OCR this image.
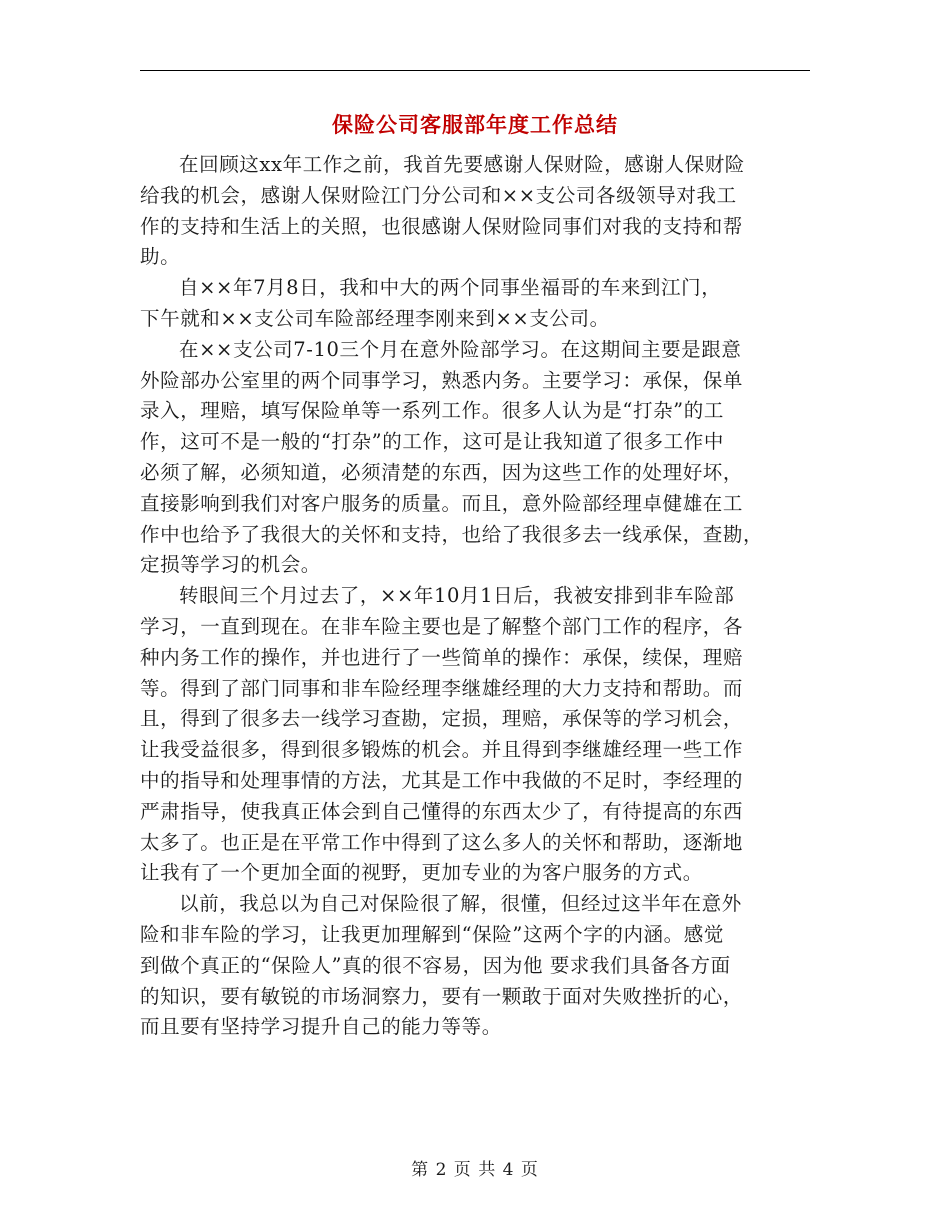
保险公司客服部年度工作总结

在回顾这xx年工作之前，我首先要感谢人保财险，感谢人保财险
给我的机会，感谢人保财险江门分公司和××支公司各级领导对我工
作的支持和生活上的关照，也很感谢人保财险同事们对我的支持和帮
助。

自××年7月8日，我和中大的两个同事坐福哥的车来到江门，
下午就和××支公司车险部经理李刚来到××支公司。

在××支公司7-10三个月在意外险部学习。在这期间主要是跟意
外险部办公室里的两个同事学习，熟悉内务。主要学习：承保，保单
录入，理赔，填写保险单等一系列工作。很多人认为是“打杂”的工
作，这可不是一般的“打杂”的工作，这可是让我知道了很多工作中
必须了解，必须知道，必须清楚的东西，因为这些工作的处理好坏，
直接影响到我们对客户服务的质量。而且，意外险部经理卓健雄在工
作中也给予了我很大的关怀和支持，也给了我很多去一线承保，查勘，
定损等学习的机会。

转眼间三个月过去了，××年10月1日后，我被安排到非车险部
学习，一直到现在。在非车险主要也是了解整个部门工作的程序，各
种内务工作的操作，并也进行了一些简单的操作：承保，续保，理赔
等。得到了部门同事和非车险经理李继雄经理的大力支持和帮助。而
且，得到了很多去一线学习查勘，定损，理赔，承保等的学习机会，
让我受益很多，得到很多锻炼的机会。并且得到李继雄经理一些工作
中的指导和处理事情的方法，尤其是工作中我做的不足时，李经理的
严肃指导，使我真正体会到自己懂得的东西太少了，有待提高的东西
太多了。也正是在平常工作中得到了这么多人的关怀和帮助，逐渐地
让我有了一个更加全面的视野，更加专业的为客户服务的方式。

以前，我总以为自己对保险很了解，很懂，但经过这半年在意外
险和非车险的学习，让我更加理解到“保险”这两个字的内涵。感觉
到做个真正的“保险人”真的很不容易，因为他 要求我们具备各方面
的知识，要有敏锐的市场洞察力，要有一颗敢于面对失败挫折的心，
而且要有坚持学习提升自己的能力等等。

第 2 页 共 4 页
